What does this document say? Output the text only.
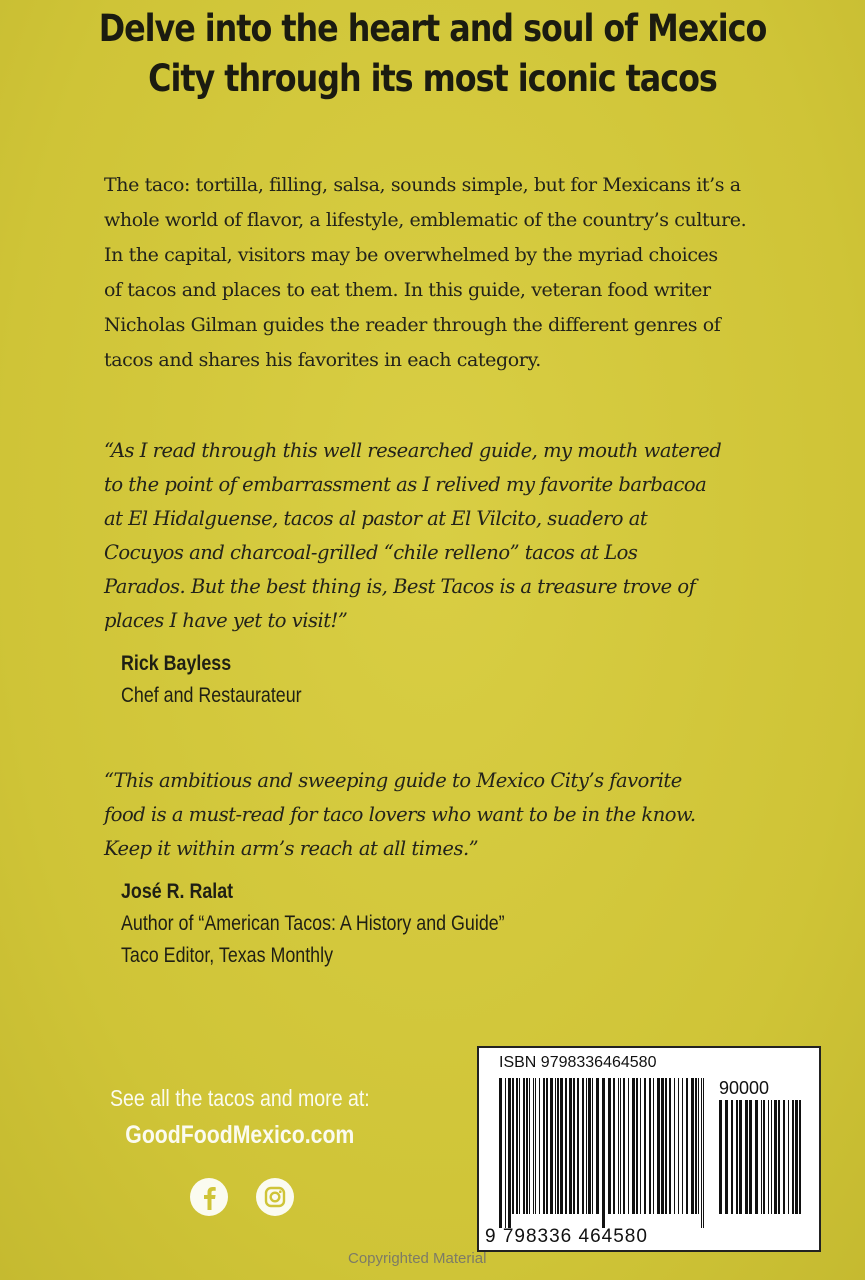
Delve into the heart and soul of Mexico
City through its most iconic tacos
The taco: tortilla, filling, salsa, sounds simple, but for Mexicans it’s a
whole world of flavor, a lifestyle, emblematic of the country’s culture.
In the capital, visitors may be overwhelmed by the myriad choices
of tacos and places to eat them. In this guide, veteran food writer
Nicholas Gilman guides the reader through the different genres of
tacos and shares his favorites in each category.
“As I read through this well researched guide, my mouth watered
to the point of embarrassment as I relived my favorite barbacoa
at El Hidalguense, tacos al pastor at El Vilcito, suadero at
Cocuyos and charcoal-grilled “chile relleno” tacos at Los
Parados. But the best thing is, Best Tacos is a treasure trove of
places I have yet to visit!”
Rick Bayless
Chef and Restaurateur
“This ambitious and sweeping guide to Mexico City’s favorite
food is a must-read for taco lovers who want to be in the know.
Keep it within arm’s reach at all times.”
José R. Ralat
Author of “American Tacos: A History and Guide”
Taco Editor, Texas Monthly
See all the tacos and more at:
GoodFoodMexico.com
ISBN 9798336464580
90000
9 798336 464580
Copyrighted Material
